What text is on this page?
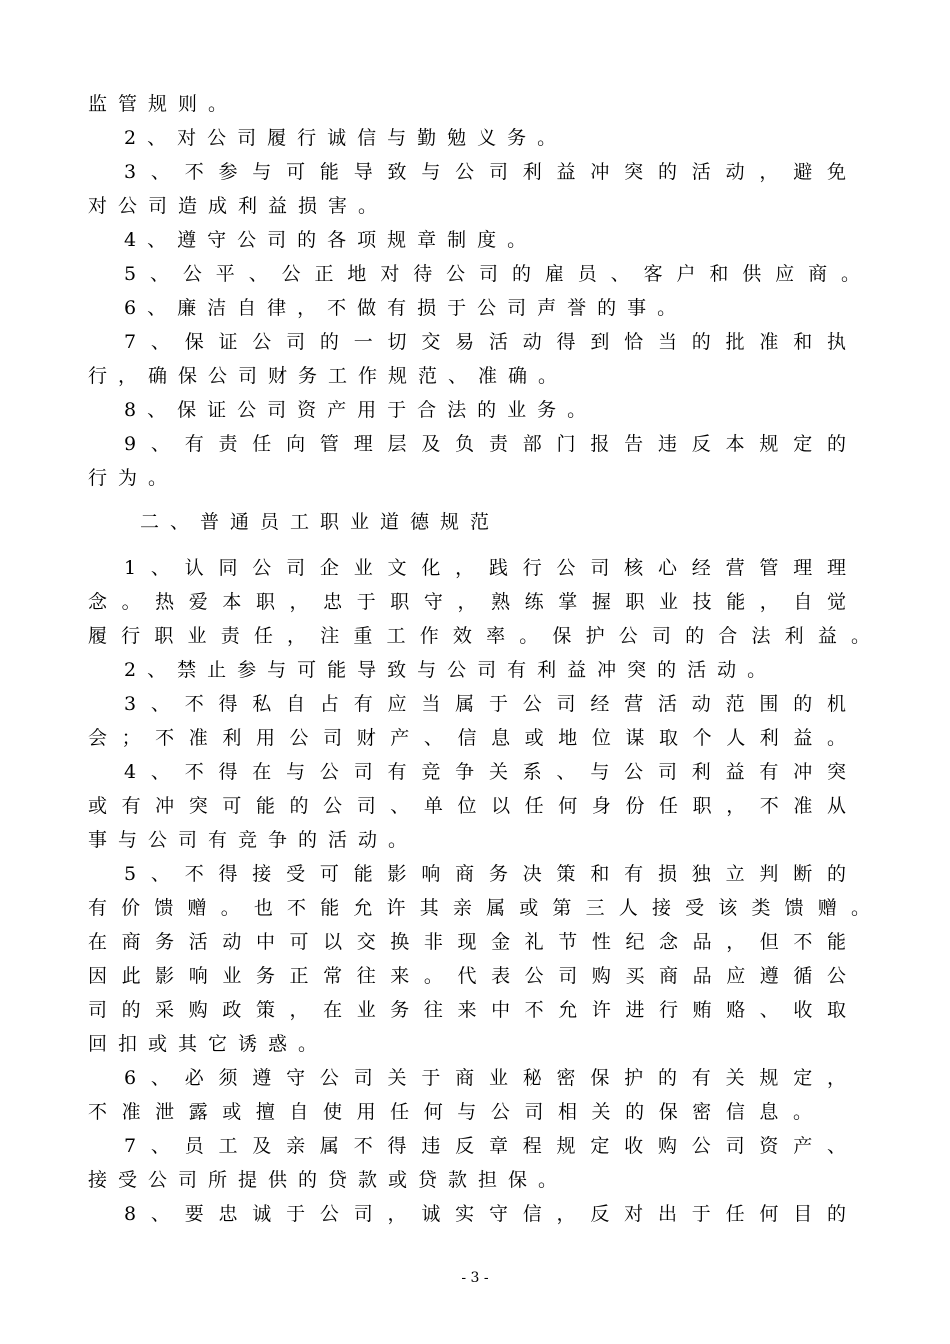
监管规则。
2、对公司履行诚信与勤勉义务。
3、不参与可能导致与公司利益冲突的活动，避免
对公司造成利益损害。
4、遵守公司的各项规章制度。
5、公平、公正地对待公司的雇员、客户和供应商。
6、廉洁自律，不做有损于公司声誉的事。
7、保证公司的一切交易活动得到恰当的批准和执
行，确保公司财务工作规范、准确。
8、保证公司资产用于合法的业务。
9、有责任向管理层及负责部门报告违反本规定的
行为。
二、普通员工职业道德规范
1、认同公司企业文化，践行公司核心经营管理理
念。热爱本职，忠于职守，熟练掌握职业技能，自觉
履行职业责任，注重工作效率。保护公司的合法利益。
2、禁止参与可能导致与公司有利益冲突的活动。
3、不得私自占有应当属于公司经营活动范围的机
会；不准利用公司财产、信息或地位谋取个人利益。
4、不得在与公司有竞争关系、与公司利益有冲突
或有冲突可能的公司、单位以任何身份任职，不准从
事与公司有竞争的活动。
5、不得接受可能影响商务决策和有损独立判断的
有价馈赠。也不能允许其亲属或第三人接受该类馈赠。
在商务活动中可以交换非现金礼节性纪念品，但不能
因此影响业务正常往来。代表公司购买商品应遵循公
司的采购政策，在业务往来中不允许进行贿赂、收取
回扣或其它诱惑。
6、必须遵守公司关于商业秘密保护的有关规定，
不准泄露或擅自使用任何与公司相关的保密信息。
7、员工及亲属不得违反章程规定收购公司资产、
接受公司所提供的贷款或贷款担保。
8、要忠诚于公司，诚实守信，反对出于任何目的
- 3 -
